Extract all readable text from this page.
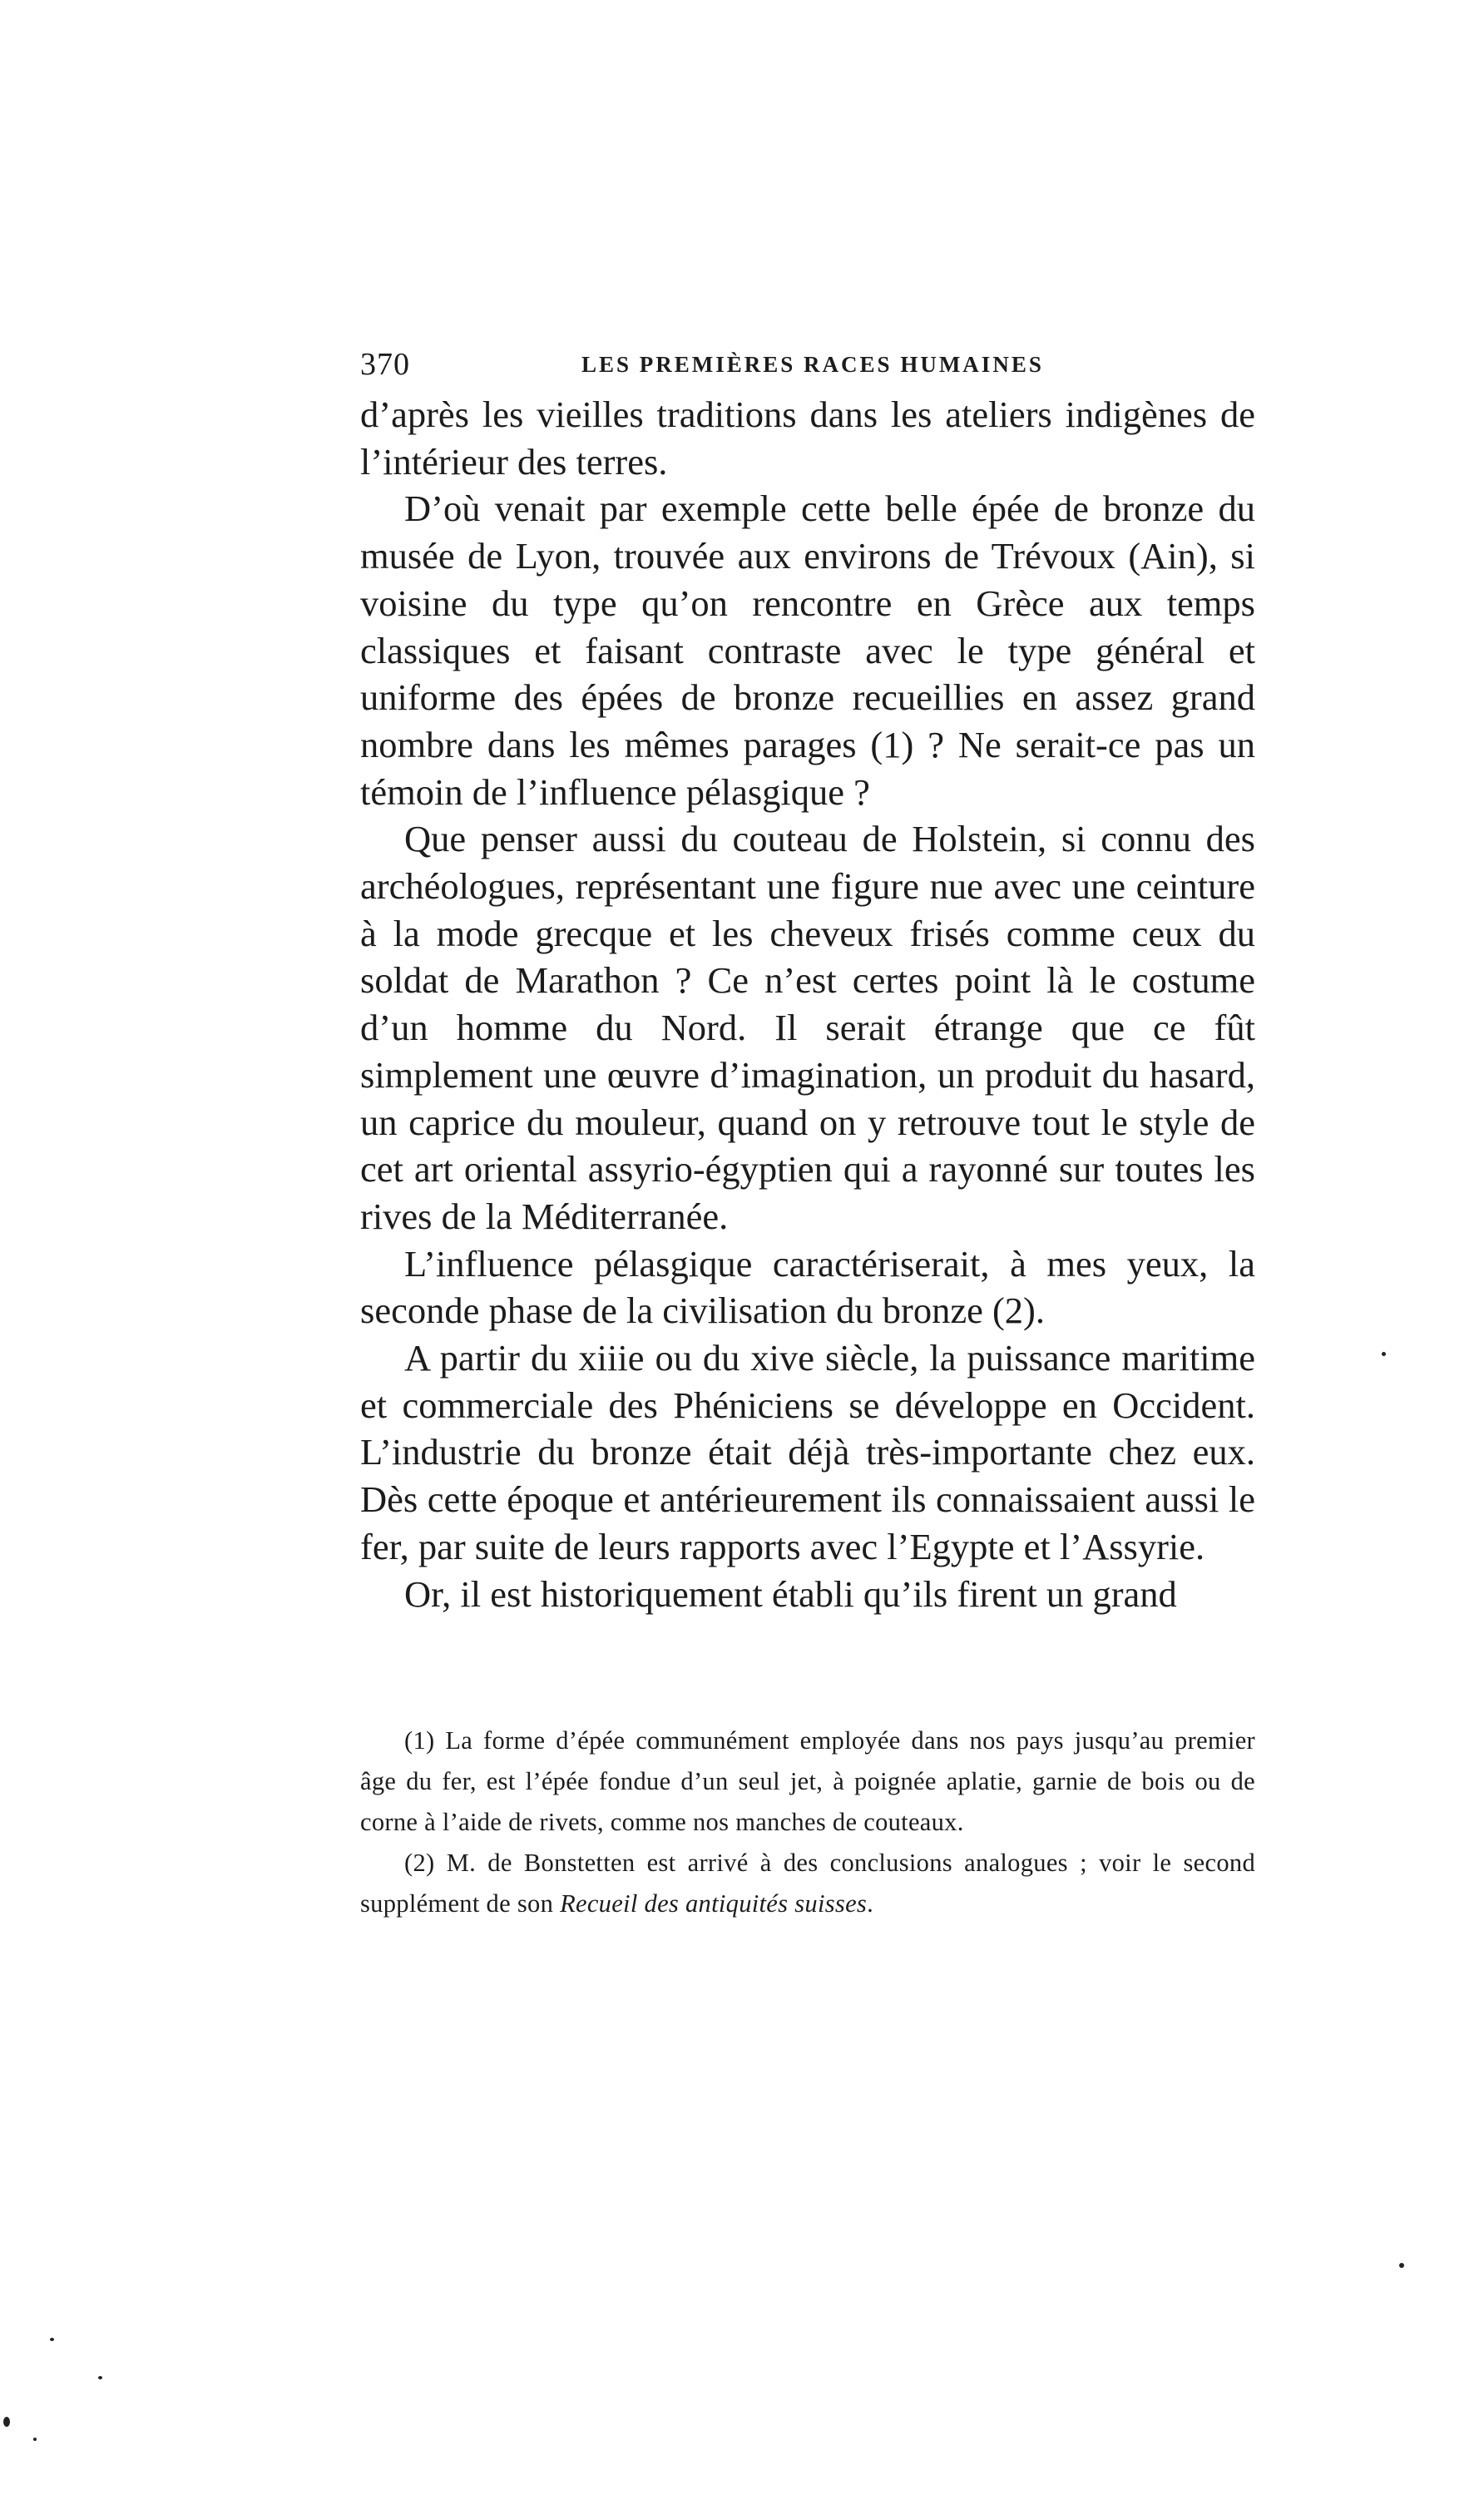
370	LES PREMIÈRES RACES HUMAINES

d’après les vieilles traditions dans les ateliers indigènes de l’intérieur des terres.

D’où venait par exemple cette belle épée de bronze du musée de Lyon, trouvée aux environs de Trévoux (Ain), si voisine du type qu’on rencontre en Grèce aux temps classiques et faisant contraste avec le type général et uniforme des épées de bronze recueillies en assez grand nombre dans les mêmes parages (1) ? Ne serait-ce pas un témoin de l’influence pélasgique ?

Que penser aussi du couteau de Holstein, si connu des archéologues, représentant une figure nue avec une ceinture à la mode grecque et les cheveux frisés comme ceux du soldat de Marathon ? Ce n’est certes point là le costume d’un homme du Nord. Il serait étrange que ce fût simplement une œuvre d’imagination, un produit du hasard, un caprice du mouleur, quand on y retrouve tout le style de cet art oriental assyrio-égyptien qui a rayonné sur toutes les rives de la Méditerranée.

L’influence pélasgique caractériserait, à mes yeux, la seconde phase de la civilisation du bronze (2).

A partir du xiiie ou du xive siècle, la puissance maritime et commerciale des Phéniciens se développe en Occident. L’industrie du bronze était déjà très-importante chez eux. Dès cette époque et antérieurement ils connaissaient aussi le fer, par suite de leurs rapports avec l’Egypte et l’Assyrie.

Or, il est historiquement établi qu’ils firent un grand

(1) La forme d’épée communément employée dans nos pays jusqu’au premier âge du fer, est l’épée fondue d’un seul jet, à poignée aplatie, garnie de bois ou de corne à l’aide de rivets, comme nos manches de couteaux.

(2) M. de Bonstetten est arrivé à des conclusions analogues ; voir le second supplément de son Recueil des antiquités suisses.
